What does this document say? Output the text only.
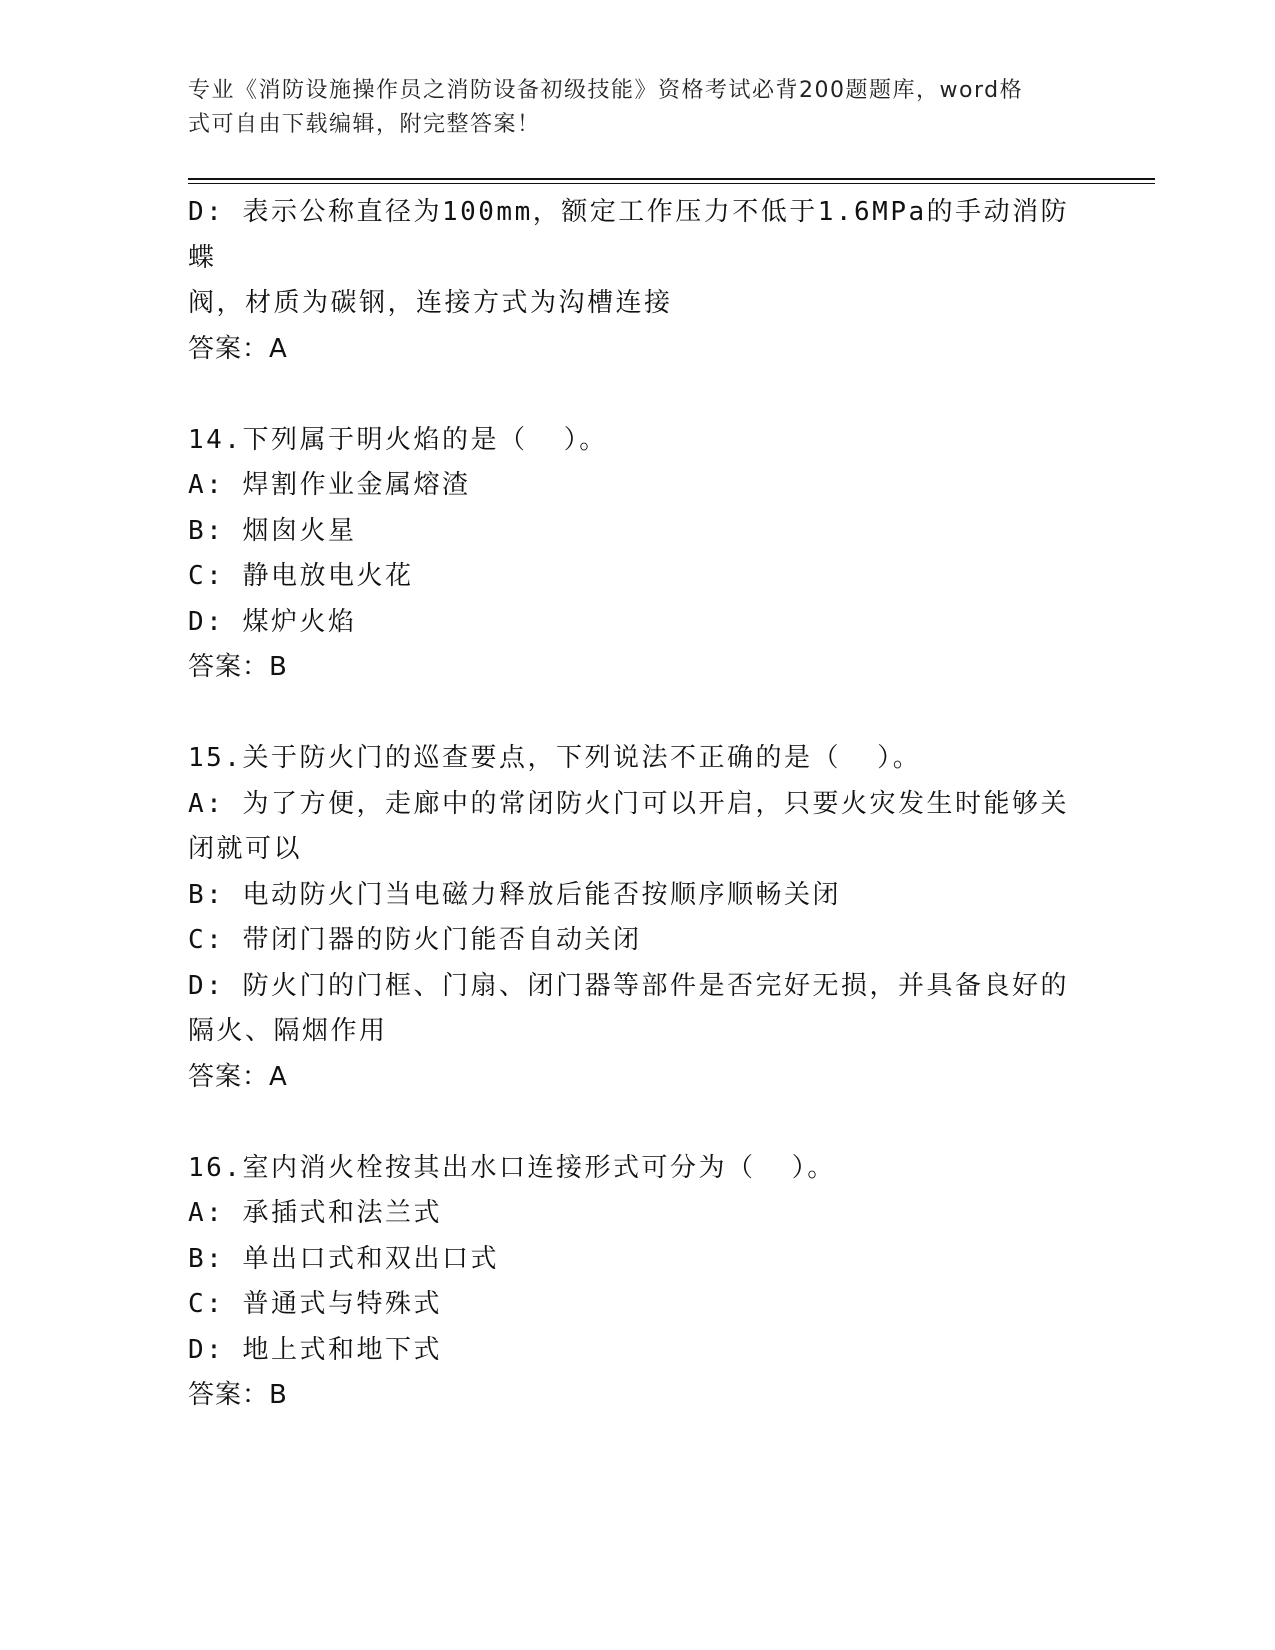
专业《消防设施操作员之消防设备初级技能》资格考试必背200题题库，word格
式可自由下载编辑，附完整答案！
D: 表示公称直径为100mm，额定工作压力不低于1.6MPa的手动消防蝶
阀，材质为碳钢，连接方式为沟槽连接
答案：A
14.下列属于明火焰的是（  ）。
A: 焊割作业金属熔渣
B: 烟囱火星
C: 静电放电火花
D: 煤炉火焰
答案：B
15.关于防火门的巡查要点，下列说法不正确的是（  ）。
A: 为了方便，走廊中的常闭防火门可以开启，只要火灾发生时能够关
闭就可以
B: 电动防火门当电磁力释放后能否按顺序顺畅关闭
C: 带闭门器的防火门能否自动关闭
D: 防火门的门框、门扇、闭门器等部件是否完好无损，并具备良好的
隔火、隔烟作用
答案：A
16.室内消火栓按其出水口连接形式可分为（  ）。
A: 承插式和法兰式
B: 单出口式和双出口式
C: 普通式与特殊式
D: 地上式和地下式
答案：B
